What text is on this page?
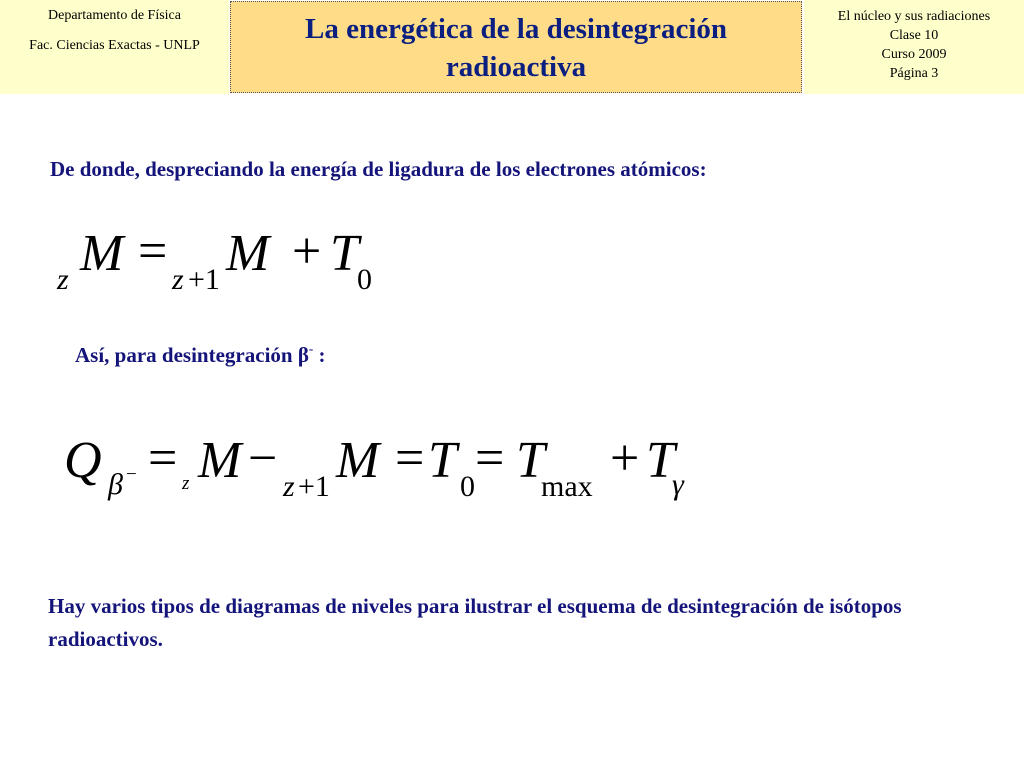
Departamento de Física
Fac. Ciencias Exactas - UNLP
La energética de la desintegración
radioactiva
El núcleo y sus radiaciones
Clase 10
Curso 2009
Página 3
De donde, despreciando la energía de ligadura de los electrones atómicos:
z M = z +1 M + T
0
Así, para desintegración β- :
Q β − = z M − z +1 M = T 0 = T
max + T
γ
Hay varios tipos de diagramas de niveles para ilustrar el esquema de desintegración de isótopos radioactivos.
